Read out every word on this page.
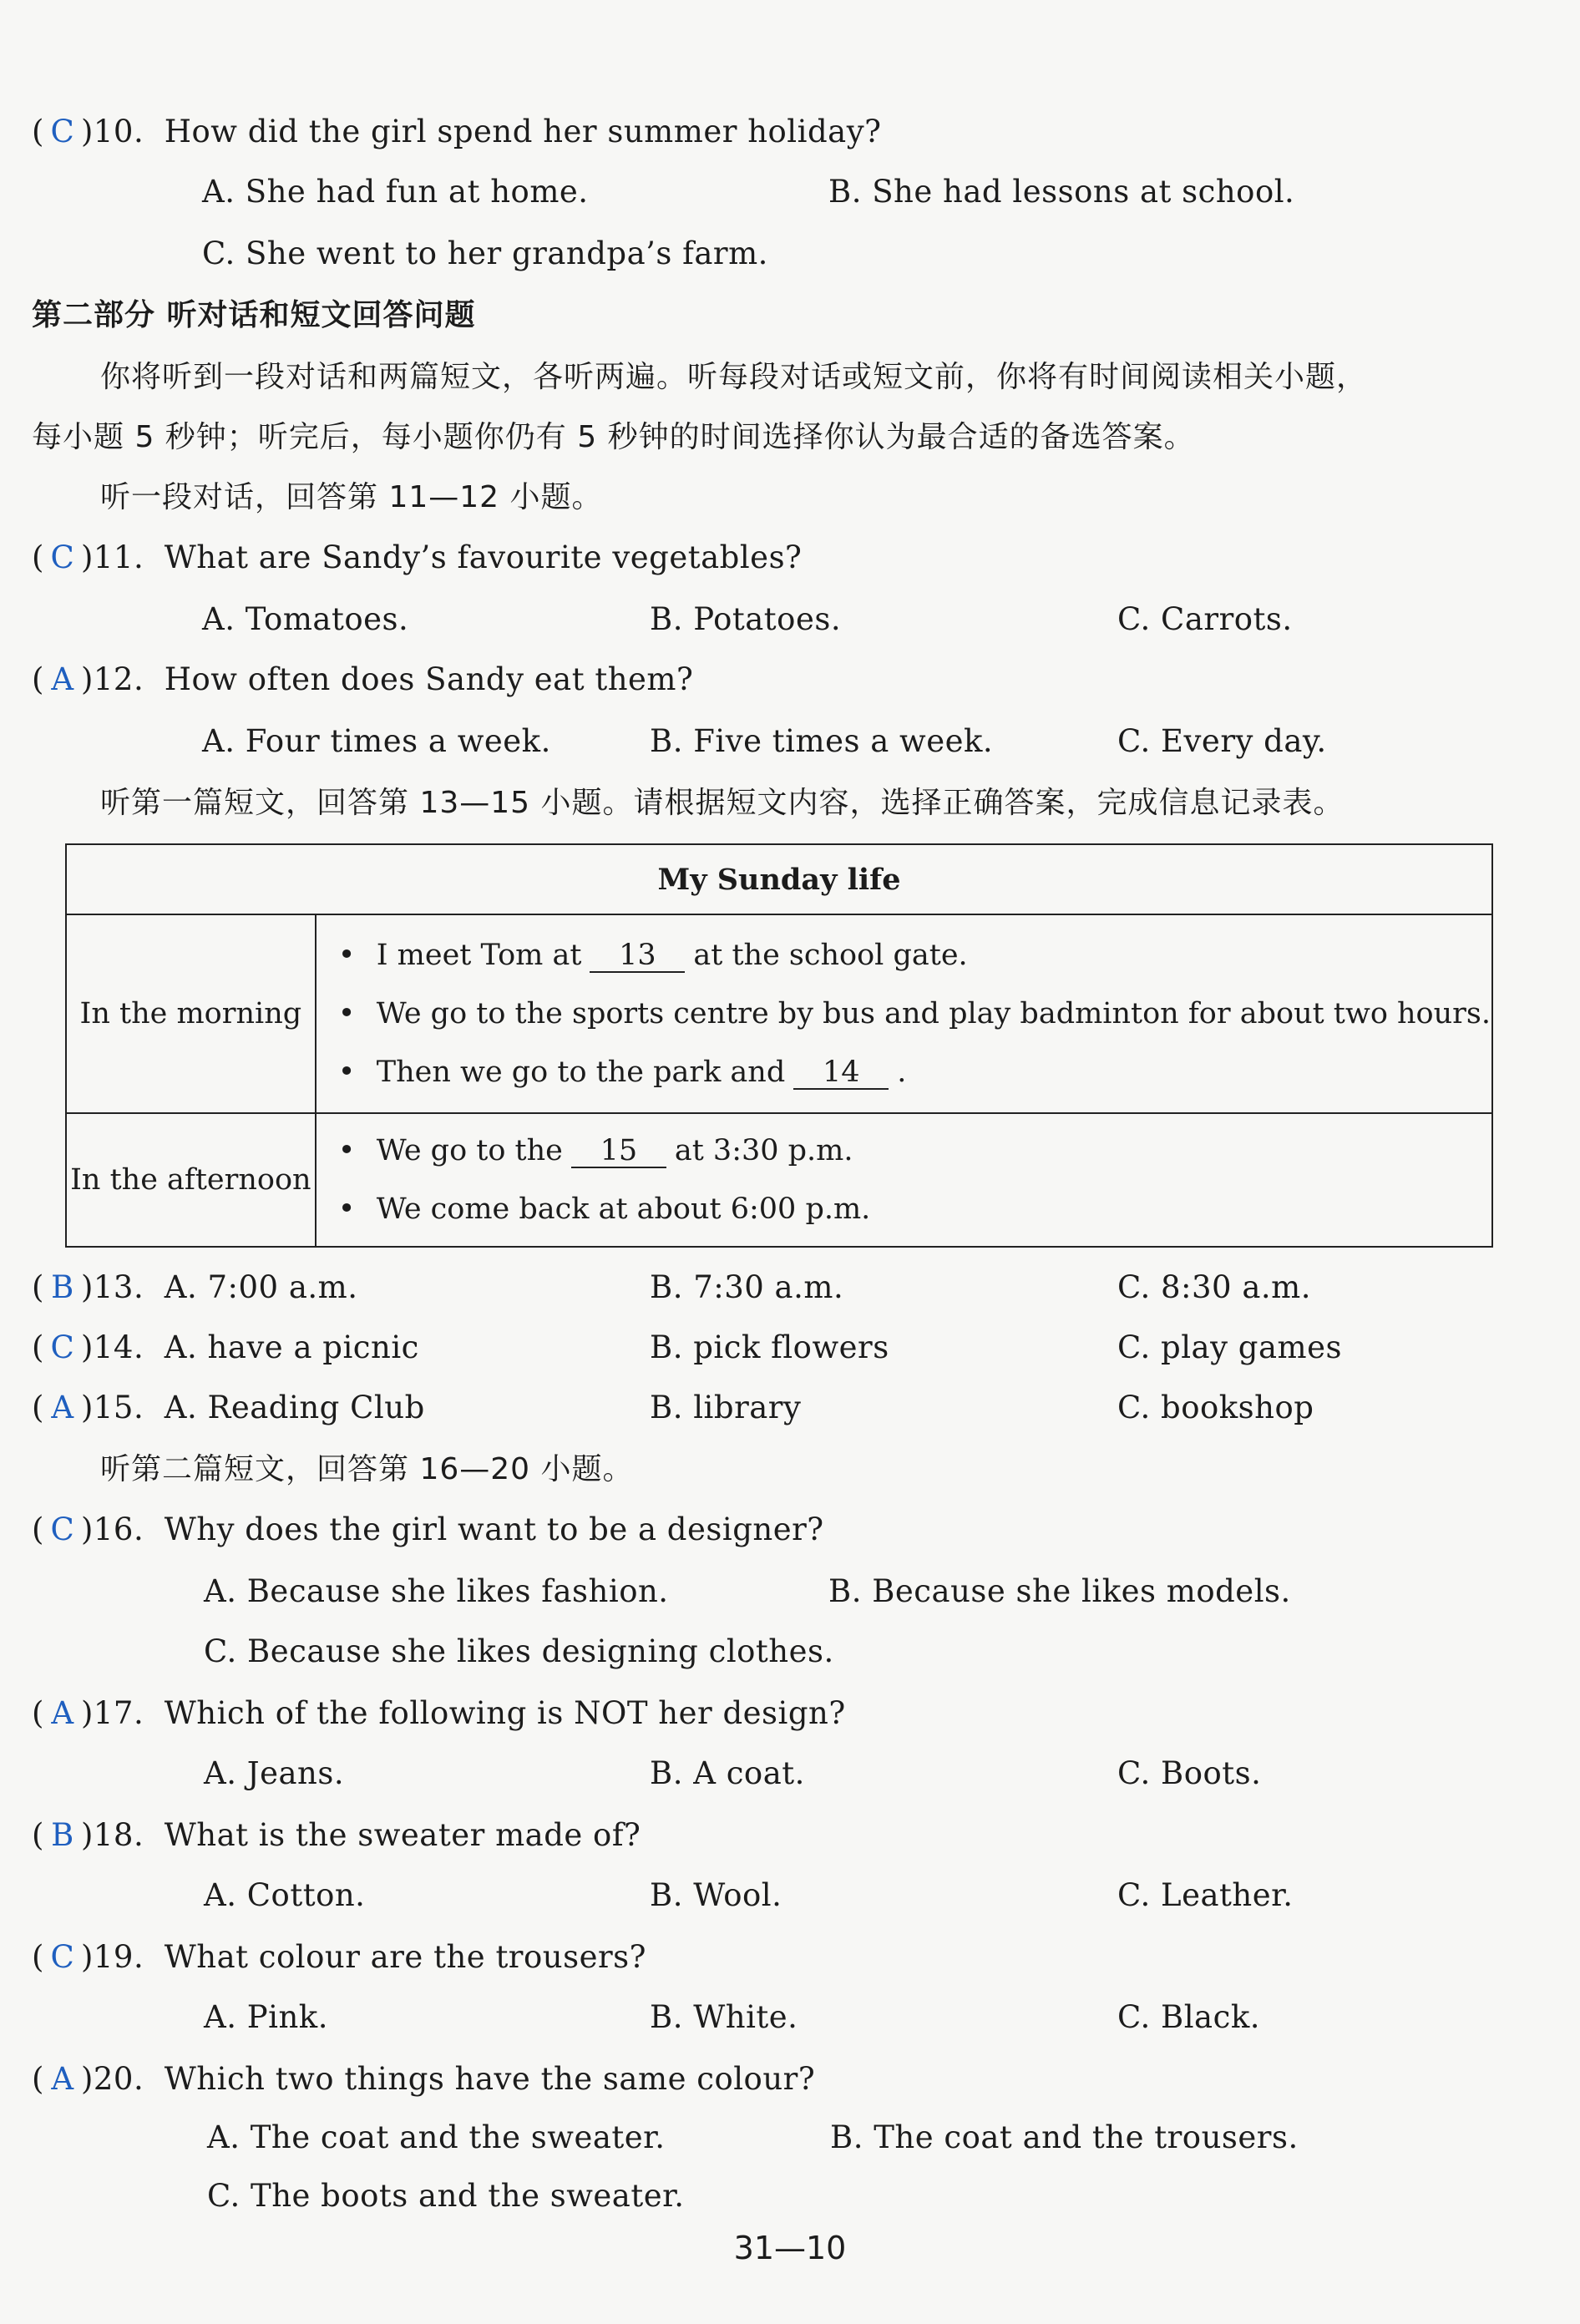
( C )10. How did the girl spend her summer holiday?
A. She had fun at home.	B. She had lessons at school.
C. She went to her grandpa’s farm.
第二部分 听对话和短文回答问题
你将听到一段对话和两篇短文，各听两遍。听每段对话或短文前，你将有时间阅读相关小题，
每小题 5 秒钟；听完后，每小题你仍有 5 秒钟的时间选择你认为最合适的备选答案。
听一段对话，回答第 11—12 小题。
( C )11. What are Sandy’s favourite vegetables?
A. Tomatoes.	B. Potatoes.	C. Carrots.
( A )12. How often does Sandy eat them?
A. Four times a week.	B. Five times a week.	C. Every day.
听第一篇短文，回答第 13—15 小题。请根据短文内容，选择正确答案，完成信息记录表。
My Sunday life	
In the morning	• I meet Tom at 13 at the school gate.
• We go to the sports centre by bus and play badminton for about two hours.
• Then we go to the park and 14 .

In the afternoon	• We go to the 15 at 3:30 p.m.
• We come back at about 6:00 p.m.
( B )13. A. 7:00 a.m.	B. 7:30 a.m.	C. 8:30 a.m.
( C )14. A. have a picnic	B. pick flowers	C. play games
( A )15. A. Reading Club	B. library	C. bookshop
听第二篇短文，回答第 16—20 小题。
( C )16. Why does the girl want to be a designer?
A. Because she likes fashion.	B. Because she likes models.
C. Because she likes designing clothes.
( A )17. Which of the following is NOT her design?
A. Jeans.	B. A coat.	C. Boots.
( B )18. What is the sweater made of?
A. Cotton.	B. Wool.	C. Leather.
( C )19. What colour are the trousers?
A. Pink.	B. White.	C. Black.
( A )20. Which two things have the same colour?
A. The coat and the sweater.	B. The coat and the trousers.
C. The boots and the sweater.
31—10
